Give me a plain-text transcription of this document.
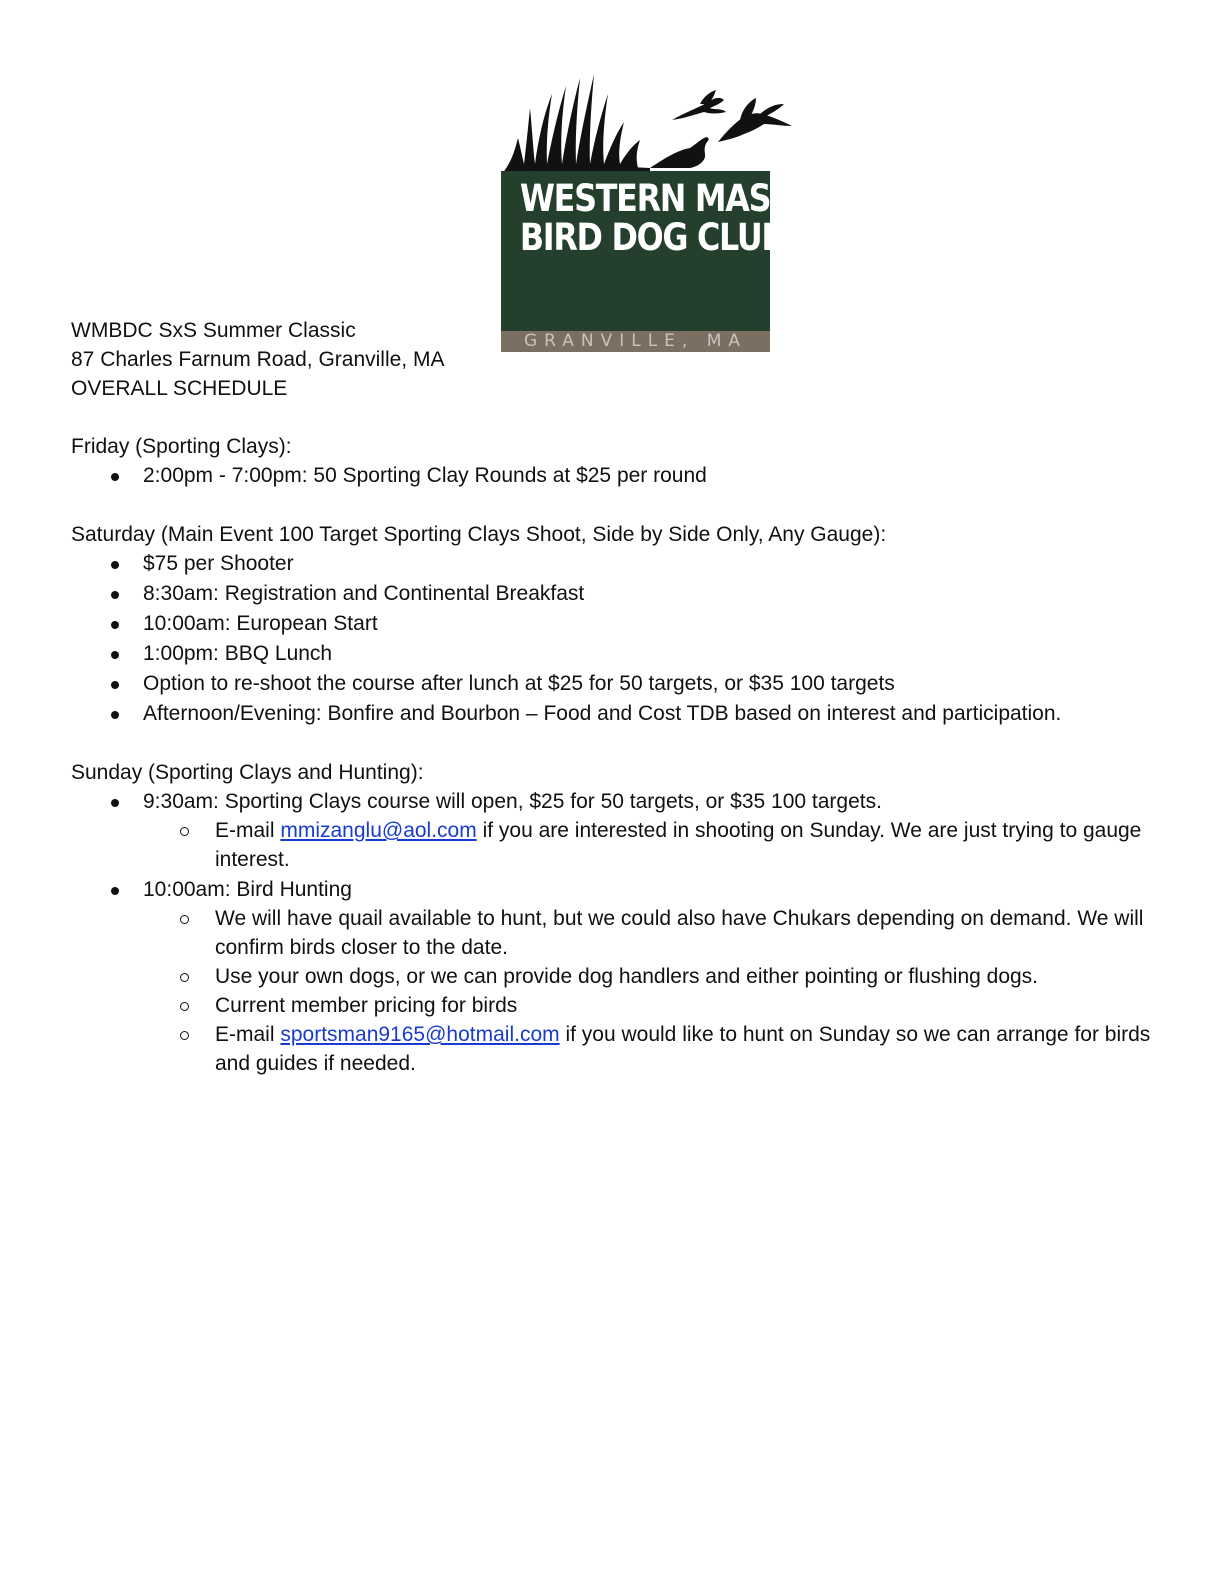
WESTERN MASS
BIRD DOG CLUB
GRANVILLE, MA

WMBDC SxS Summer Classic

87 Charles Farnum Road, Granville, MA

OVERALL SCHEDULE

Friday (Sporting Clays):

2:00pm - 7:00pm: 50 Sporting Clay Rounds at $25 per round

Saturday (Main Event 100 Target Sporting Clays Shoot, Side by Side Only, Any Gauge):

$75 per Shooter
8:30am: Registration and Continental Breakfast
10:00am: European Start
1:00pm: BBQ Lunch
Option to re-shoot the course after lunch at $25 for 50 targets, or $35 100 targets
Afternoon/Evening: Bonfire and Bourbon – Food and Cost TDB based on interest and participation.

Sunday (Sporting Clays and Hunting):

9:30am: Sporting Clays course will open, $25 for 50 targets, or $35 100 targets.
E-mail mmizanglu@aol.com if you are interested in shooting on Sunday. We are just trying to gauge interest.
10:00am: Bird Hunting
We will have quail available to hunt, but we could also have Chukars depending on demand. We will confirm birds closer to the date.
Use your own dogs, or we can provide dog handlers and either pointing or flushing dogs.
Current member pricing for birds
E-mail sportsman9165@hotmail.com if you would like to hunt on Sunday so we can arrange for birds and guides if needed.
